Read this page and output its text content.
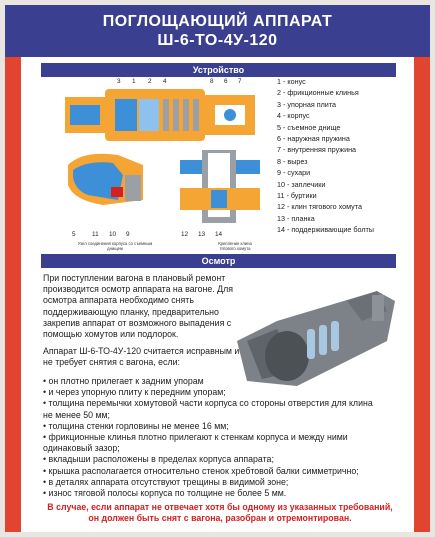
ПОГЛОЩАЮЩИЙ АППАРАТ
Ш-6-ТО-4У-120
Устройство
3 1 2 4	8 6 7	1 - конус
2 - фрикционные клинья
3 - упорная плита
4 - корпус
5 - съемное днище
6 - наружная пружина
7 - внутренняя пружина
8 - вырез
9 - сухари
10 - заплечики
11 - буртики
12 - клин тягового хомута
13 - планка
14 - поддерживающие болты
5	11 10 9
Узел соединения корпуса со съемным днищем
12 13 14
Крепление клина тягового хомута
Осмотр

При поступлении вагона в плановый ремонт производится осмотр аппарата на вагоне. Для осмотра аппарата необходимо снять поддерживающую планку, предварительно закрепив аппарат от возможного выпадения с помощью хомутов или подлорок.

Аппарат Ш-6-ТО-4У-120 считается исправным и не требует снятия с вагона, если:

• он плотно прилегает к задним упорам
• и через упорную плиту к передним упорам;
• толщина перемычки хомутовой части корпуса со стороны отверстия для клина
не менее 50 мм;
• толщина стенки горловины не менее 16 мм;
• фрикционные клинья плотно прилегают к стенкам корпуса и между ними
одинаковый зазор;
• вкладыши расположены в пределах корпуса аппарата;
• крышка располагается относительно стенок хребтовой балки симметрично;
• в деталях аппарата отсутствуют трещины в видимой зоне;
• износ тяговой полосы корпуса по толщине не более 5 мм.
В случае, если аппарат не отвечает хотя бы одному из указанных требований, он должен быть снят с вагона, разобран и отремонтирован.
